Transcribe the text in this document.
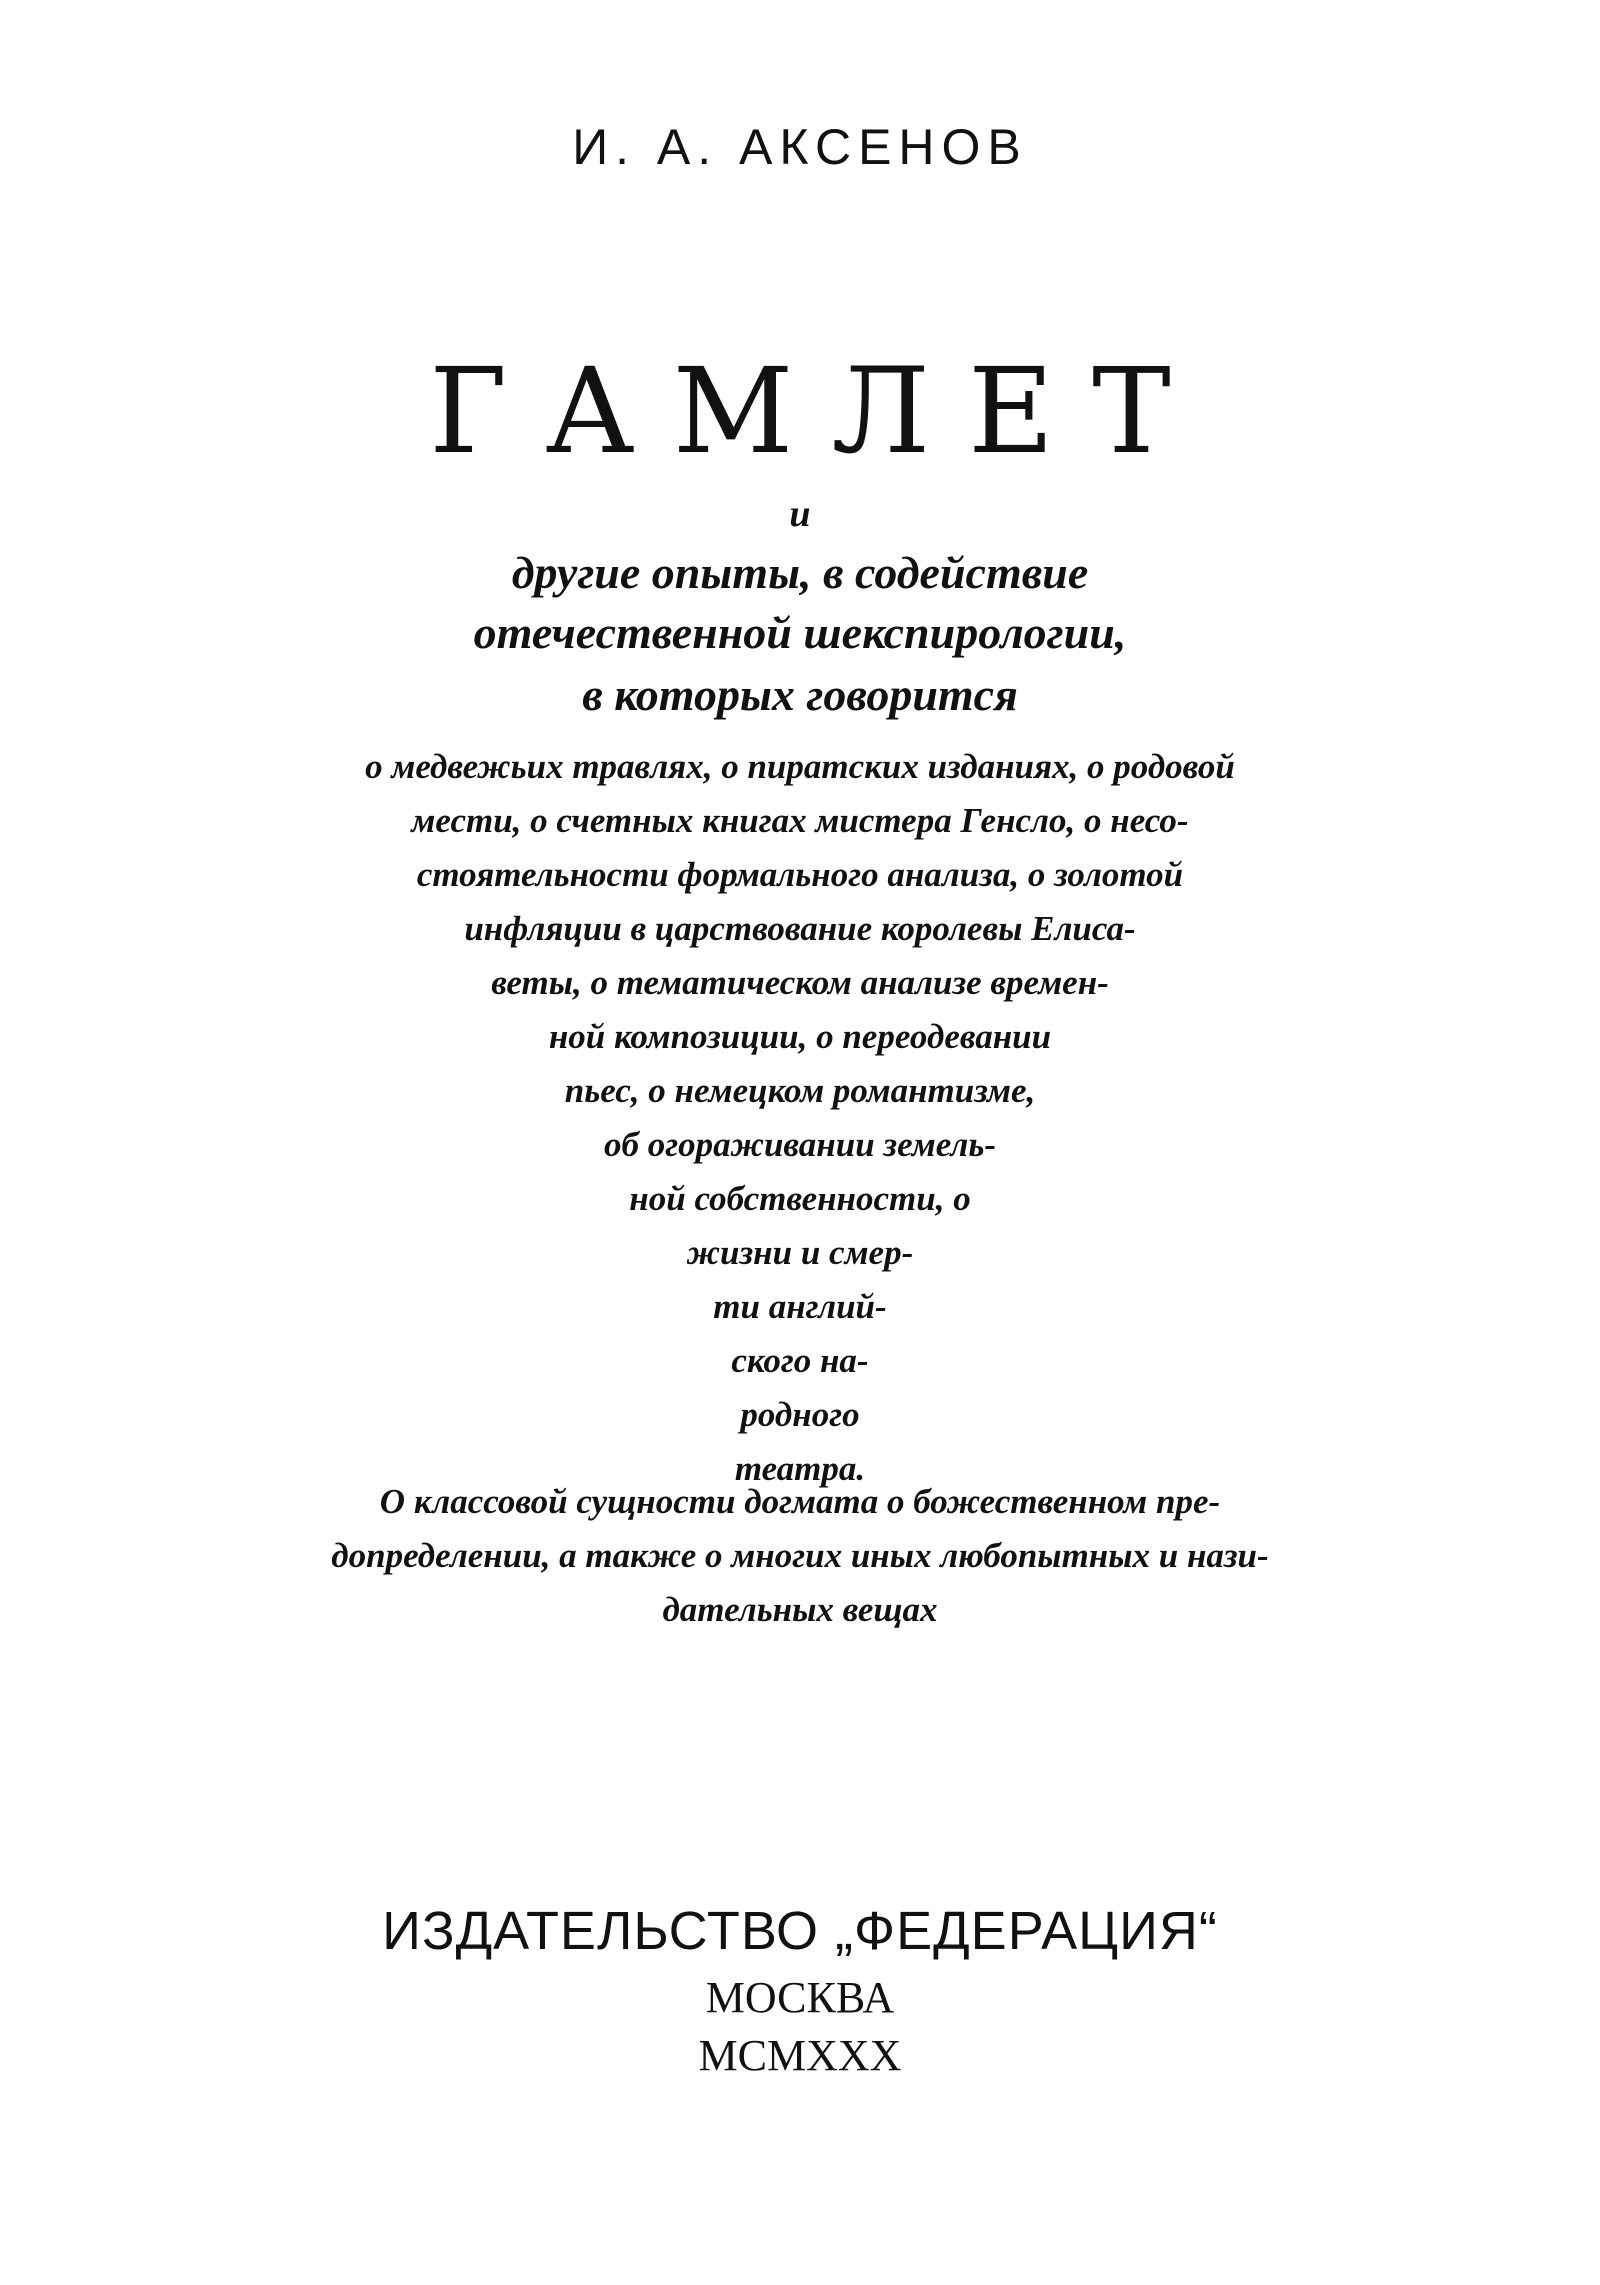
И. А. АКСЕНОВ
ГАМЛЕТ

и

другие опыты, в содействие

отечественной шекспирологии,

в которых говорится

о медвежьих травлях, о пиратских изданиях, о родовой
мести, о счетных книгах мистера Генсло, о несо-
стоятельности формального анализа, о золотой
инфляции в царствование королевы Елиса-
веты, о тематическом анализе времен-
ной композиции, о переодевании
пьес, о немецком романтизме,
об огораживании земель-
ной собственности, о
жизни и смер-
ти англий-
ского на-
родного
театра.
О классовой сущности догмата о божественном пре-
допределении, а также о многих иных любопытных и нази-
дательных вещах

ИЗДАТЕЛЬСТВО „ФЕДЕРАЦИЯ“

МОСКВА

MCMXXX
